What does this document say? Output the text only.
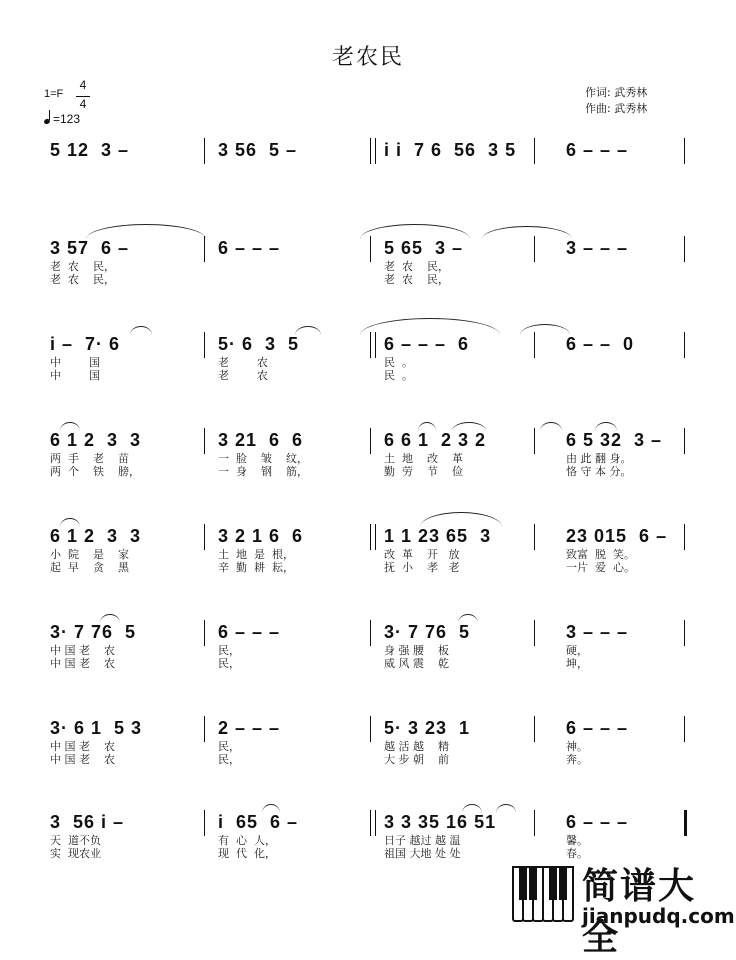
老农民
作词: 武秀林
作曲: 武秀林
1=F
4
4
=123
5 12  3 –	3 56  5 –	i i  7 6  56  3 5	6 – – –
3 57  6 –
老  农    民，
老  农    民，
6 – – –	5 65  3 –
老  农    民，
老  农    民，
3 – – –
i –  7· 6
中        国
中        国
5· 6  3  5
老        农
老        农
6 – – –  6
民  。
民  。
6 – –  0
6 1 2  3  3
两  手    老    苗
两  个    铁    膀，
3 21  6  6
一  脸    皱    纹，
一  身    钢    筋，
6 6 1  2 3 2
土  地    改    革
勤  劳    节    俭
6 5 32  3 –
由 此 翻 身。
恪 守 本 分。
6 1 2  3  3
小  院    是    家
起  早    贪    黑
3 2 1 6  6
土  地  是  根，
辛  勤  耕  耘，
1 1 23 65  3
改  革    开   放
抚  小    孝   老
23 015  6 –
致富  脱  笑。
一片  爱  心。
3· 7 76  5
中 国 老    农
中 国 老    农
6 – – –
民，
民，
3· 7 76  5
身 强 腰    板
威 风 震    乾
3 – – –
硬，
坤，
3· 6 1  5 3
中 国 老    农
中 国 老    农
2 – – –
民，
民，
5· 3 23  1
越 活 越    精
大 步 朝    前
6 – – –
神。
奔。
3  56 i –
天  道不负
实  现农业
i  65  6 –
有  心  人，
现  代  化，
3 3 35 16 51
日子 越过 越 温
祖国 大地 处 处
6 – – –
馨。
春。
简谱大全
jianpudq.com
